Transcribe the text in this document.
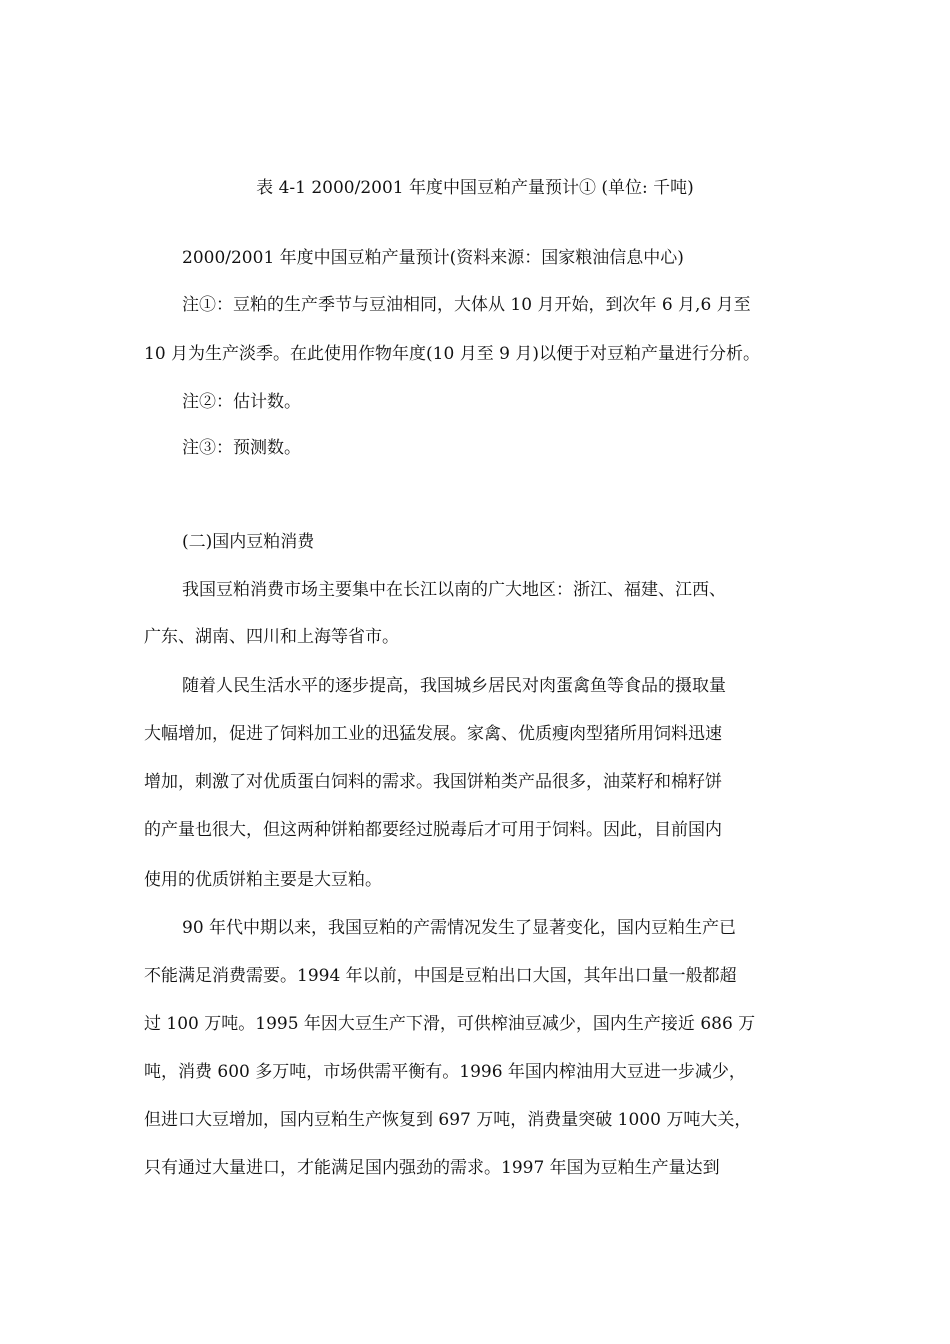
表 4-1 2000/2001 年度中国豆粕产量预计① (单位: 千吨)
2000/2001 年度中国豆粕产量预计(资料来源：国家粮油信息中心)
注①：豆粕的生产季节与豆油相同，大体从 10 月开始，到次年 6 月,6 月至
10 月为生产淡季。在此使用作物年度(10 月至 9 月)以便于对豆粕产量进行分析。
注②：估计数。
注③：预测数。
(二)国内豆粕消费
我国豆粕消费市场主要集中在长江以南的广大地区：浙江、福建、江西、
广东、湖南、四川和上海等省市。
随着人民生活水平的逐步提高，我国城乡居民对肉蛋禽鱼等食品的摄取量
大幅增加，促进了饲料加工业的迅猛发展。家禽、优质瘦肉型猪所用饲料迅速
增加，刺激了对优质蛋白饲料的需求。我国饼粕类产品很多，油菜籽和棉籽饼
的产量也很大，但这两种饼粕都要经过脱毒后才可用于饲料。因此，目前国内
使用的优质饼粕主要是大豆粕。
90 年代中期以来，我国豆粕的产需情况发生了显著变化，国内豆粕生产已
不能满足消费需要。1994 年以前，中国是豆粕出口大国，其年出口量一般都超
过 100 万吨。1995 年因大豆生产下滑，可供榨油豆减少，国内生产接近 686 万
吨，消费 600 多万吨，市场供需平衡有。1996 年国内榨油用大豆进一步减少，
但进口大豆增加，国内豆粕生产恢复到 697 万吨，消费量突破 1000 万吨大关，
只有通过大量进口，才能满足国内强劲的需求。1997 年国为豆粕生产量达到
